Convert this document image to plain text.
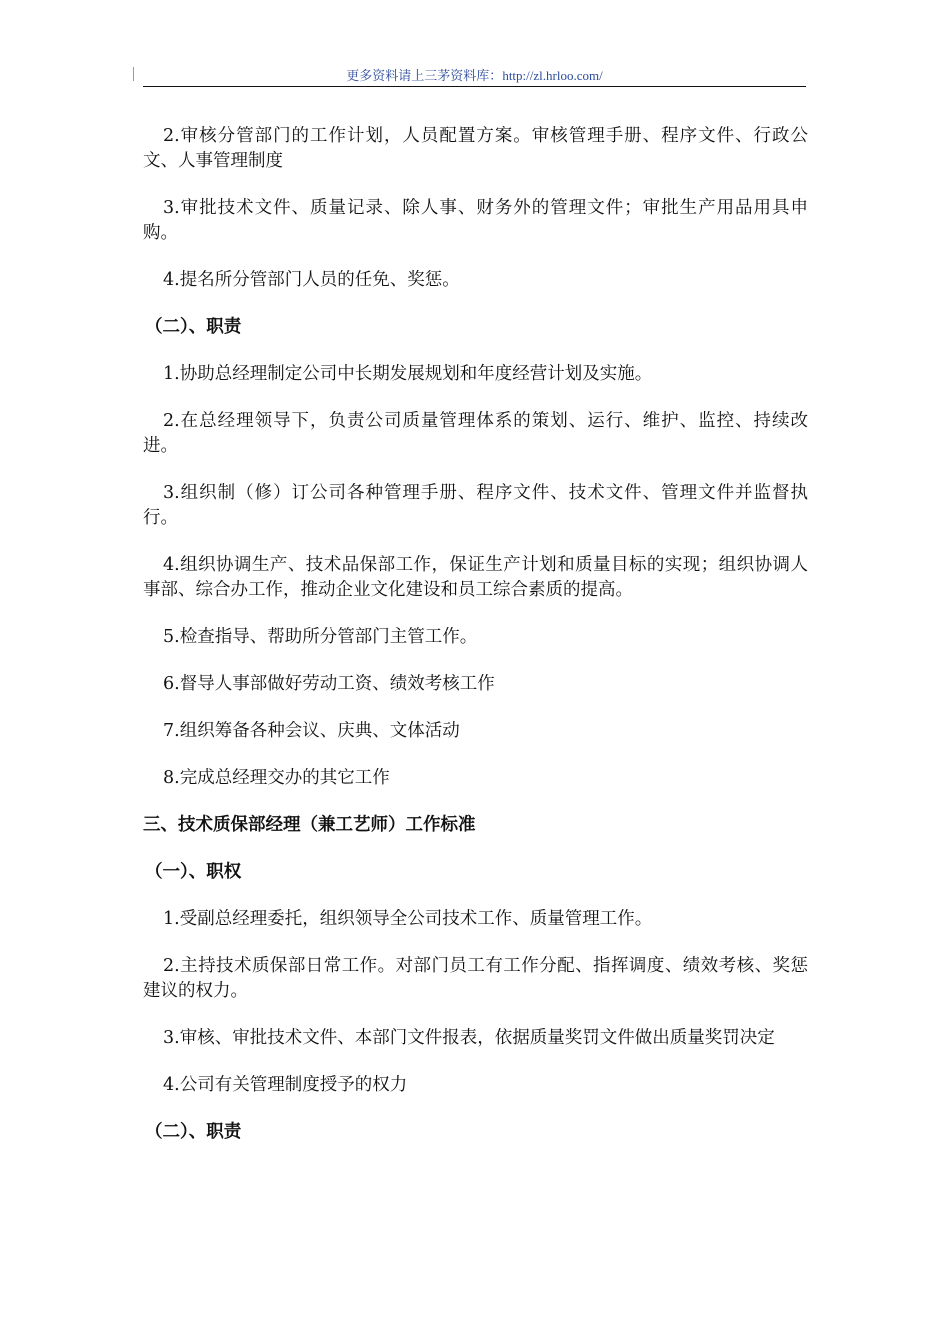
更多资料请上三茅资料库：http://zl.hrloo.com/

2.审核分管部门的工作计划，人员配置方案。审核管理手册、程序文件、行政公文、人事管理制度

3.审批技术文件、质量记录、除人事、财务外的管理文件；审批生产用品用具申购。

4.提名所分管部门人员的任免、奖惩。

（二）、职责

1.协助总经理制定公司中长期发展规划和年度经营计划及实施。

2.在总经理领导下，负责公司质量管理体系的策划、运行、维护、监控、持续改进。

3.组织制（修）订公司各种管理手册、程序文件、技术文件、管理文件并监督执行。

4.组织协调生产、技术品保部工作，保证生产计划和质量目标的实现；组织协调人事部、综合办工作，推动企业文化建设和员工综合素质的提高。

5.检查指导、帮助所分管部门主管工作。

6.督导人事部做好劳动工资、绩效考核工作

7.组织筹备各种会议、庆典、文体活动

8.完成总经理交办的其它工作

三、技术质保部经理（兼工艺师）工作标准

（一）、职权

1.受副总经理委托，组织领导全公司技术工作、质量管理工作。

2.主持技术质保部日常工作。对部门员工有工作分配、指挥调度、绩效考核、奖惩建议的权力。

3.审核、审批技术文件、本部门文件报表，依据质量奖罚文件做出质量奖罚决定

4.公司有关管理制度授予的权力

（二）、职责
